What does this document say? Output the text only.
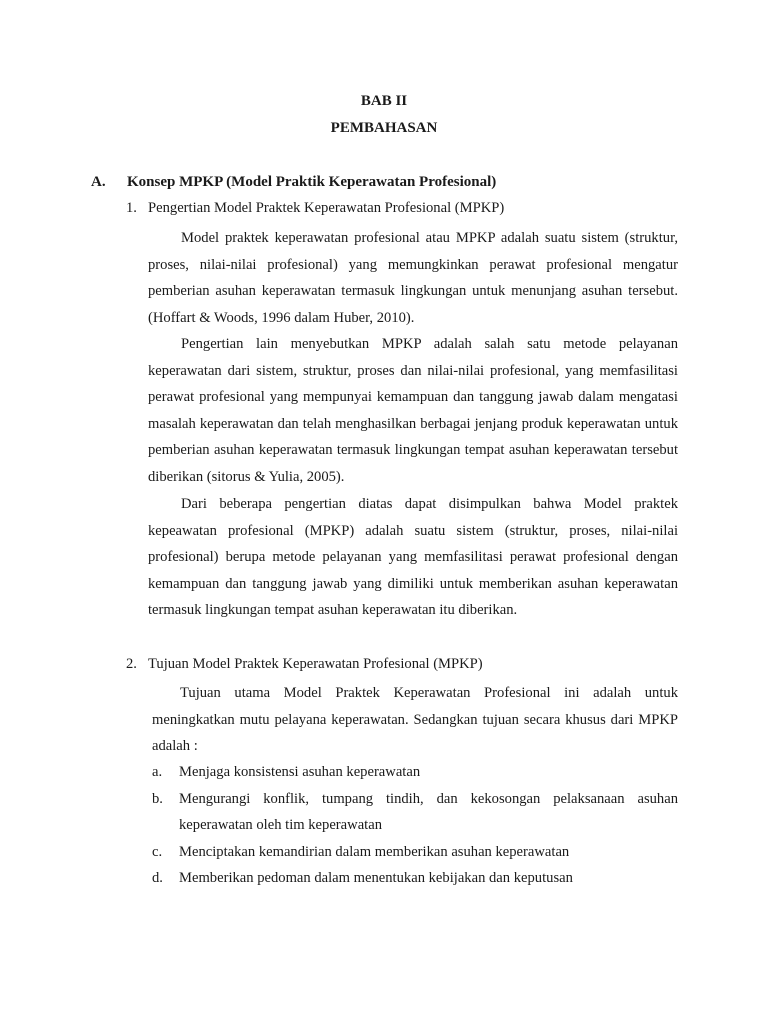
BAB II
PEMBAHASAN
A. Konsep MPKP (Model Praktik Keperawatan Profesional)
1. Pengertian Model Praktek Keperawatan Profesional (MPKP)

Model praktek keperawatan profesional atau MPKP adalah suatu sistem (struktur, proses, nilai-nilai profesional) yang memungkinkan perawat profesional mengatur pemberian asuhan keperawatan termasuk lingkungan untuk menunjang asuhan tersebut. (Hoffart & Woods, 1996 dalam Huber, 2010).

Pengertian lain menyebutkan MPKP adalah salah satu metode pelayanan keperawatan dari sistem, struktur, proses dan nilai-nilai profesional, yang memfasilitasi perawat profesional yang mempunyai kemampuan dan tanggung jawab dalam mengatasi masalah keperawatan dan telah menghasilkan berbagai jenjang produk keperawatan untuk pemberian asuhan keperawatan termasuk lingkungan tempat asuhan keperawatan tersebut diberikan (sitorus & Yulia, 2005).

Dari beberapa pengertian diatas dapat disimpulkan bahwa Model praktek kepeawatan profesional (MPKP) adalah suatu sistem (struktur, proses, nilai-nilai profesional) berupa metode pelayanan yang memfasilitasi perawat profesional dengan kemampuan dan tanggung jawab yang dimiliki untuk memberikan asuhan keperawatan termasuk lingkungan tempat asuhan keperawatan itu diberikan.

2. Tujuan Model Praktek Keperawatan Profesional (MPKP)

Tujuan utama Model Praktek Keperawatan Profesional ini adalah untuk meningkatkan mutu pelayana keperawatan. Sedangkan tujuan secara khusus dari MPKP adalah :

a.	Menjaga konsistensi asuhan keperawatan
b.	Mengurangi konflik, tumpang tindih, dan kekosongan pelaksanaan asuhan keperawatan oleh tim keperawatan
c.	Menciptakan kemandirian dalam memberikan asuhan keperawatan
d.	Memberikan pedoman dalam menentukan kebijakan dan keputusan
